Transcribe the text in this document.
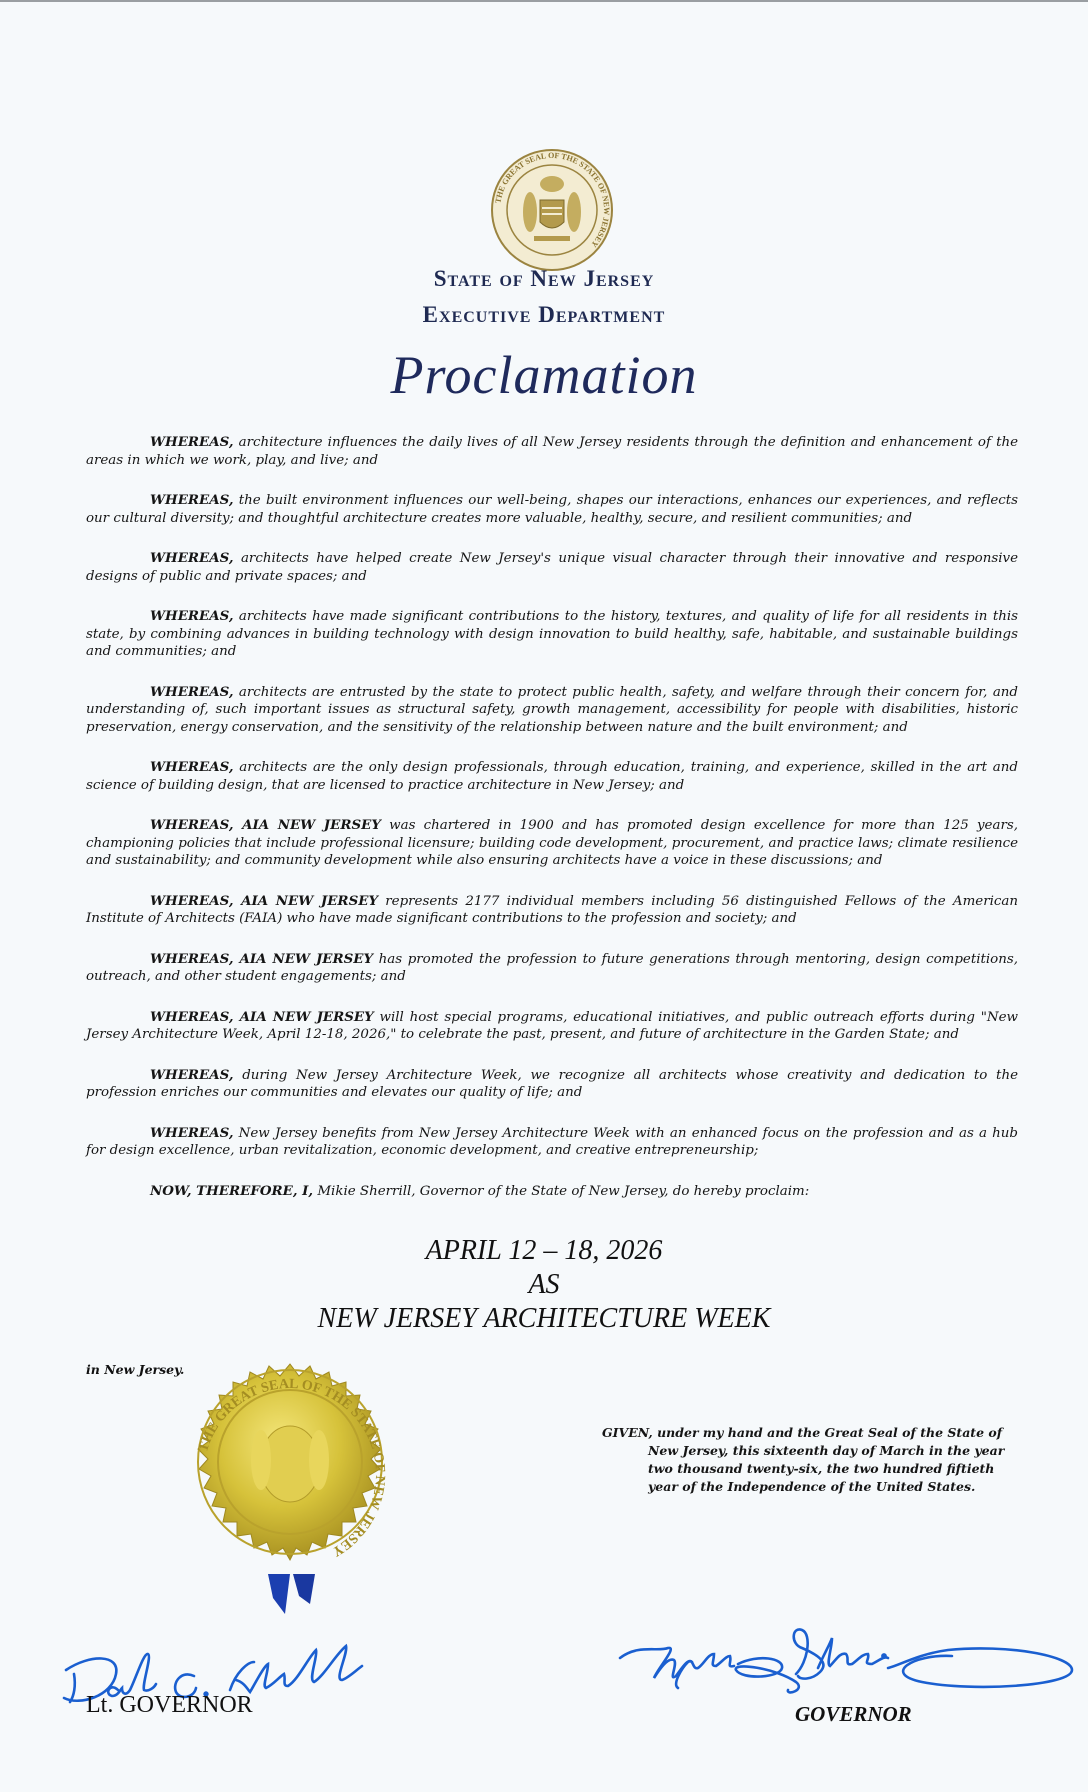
THE GREAT SEAL OF THE STATE OF NEW JERSEY
State of New Jersey
Executive Department
Proclamation

WHEREAS, architecture influences the daily lives of all New Jersey residents through the definition and enhancement of the areas in which we work, play, and live; and

WHEREAS, the built environment influences our well-being, shapes our interactions, enhances our experiences, and reflects our cultural diversity; and thoughtful architecture creates more valuable, healthy, secure, and resilient communities; and

WHEREAS, architects have helped create New Jersey's unique visual character through their innovative and responsive designs of public and private spaces; and

WHEREAS, architects have made significant contributions to the history, textures, and quality of life for all residents in this state, by combining advances in building technology with design innovation to build healthy, safe, habitable, and sustainable buildings and communities; and

WHEREAS, architects are entrusted by the state to protect public health, safety, and welfare through their concern for, and understanding of, such important issues as structural safety, growth management, accessibility for people with disabilities, historic preservation, energy conservation, and the sensitivity of the relationship between nature and the built environment; and

WHEREAS, architects are the only design professionals, through education, training, and experience, skilled in the art and science of building design, that are licensed to practice architecture in New Jersey; and

WHEREAS, AIA NEW JERSEY was chartered in 1900 and has promoted design excellence for more than 125 years, championing policies that include professional licensure; building code development, procurement, and practice laws; climate resilience and sustainability; and community development while also ensuring architects have a voice in these discussions; and

WHEREAS, AIA NEW JERSEY represents 2177 individual members including 56 distinguished Fellows of the American Institute of Architects (FAIA) who have made significant contributions to the profession and society; and

WHEREAS, AIA NEW JERSEY has promoted the profession to future generations through mentoring, design competitions, outreach, and other student engagements; and

WHEREAS, AIA NEW JERSEY will host special programs, educational initiatives, and public outreach efforts during "New Jersey Architecture Week, April 12-18, 2026," to celebrate the past, present, and future of architecture in the Garden State; and

WHEREAS, during New Jersey Architecture Week, we recognize all architects whose creativity and dedication to the profession enriches our communities and elevates our quality of life; and

WHEREAS, New Jersey benefits from New Jersey Architecture Week with an enhanced focus on the profession and as a hub for design excellence, urban revitalization, economic development, and creative entrepreneurship;

NOW, THEREFORE, I, Mikie Sherrill, Governor of the State of New Jersey, do hereby proclaim:

APRIL 12 – 18, 2026
AS
NEW JERSEY ARCHITECTURE WEEK
in New Jersey.
THE GREAT SEAL OF THE STATE OF NEW JERSEY
GIVEN, under my hand and the Great Seal of the State of
New Jersey, this sixteenth day of March in the year
two thousand twenty-six, the two hundred fiftieth
year of the Independence of the United States.
Lt. GOVERNOR	GOVERNOR
